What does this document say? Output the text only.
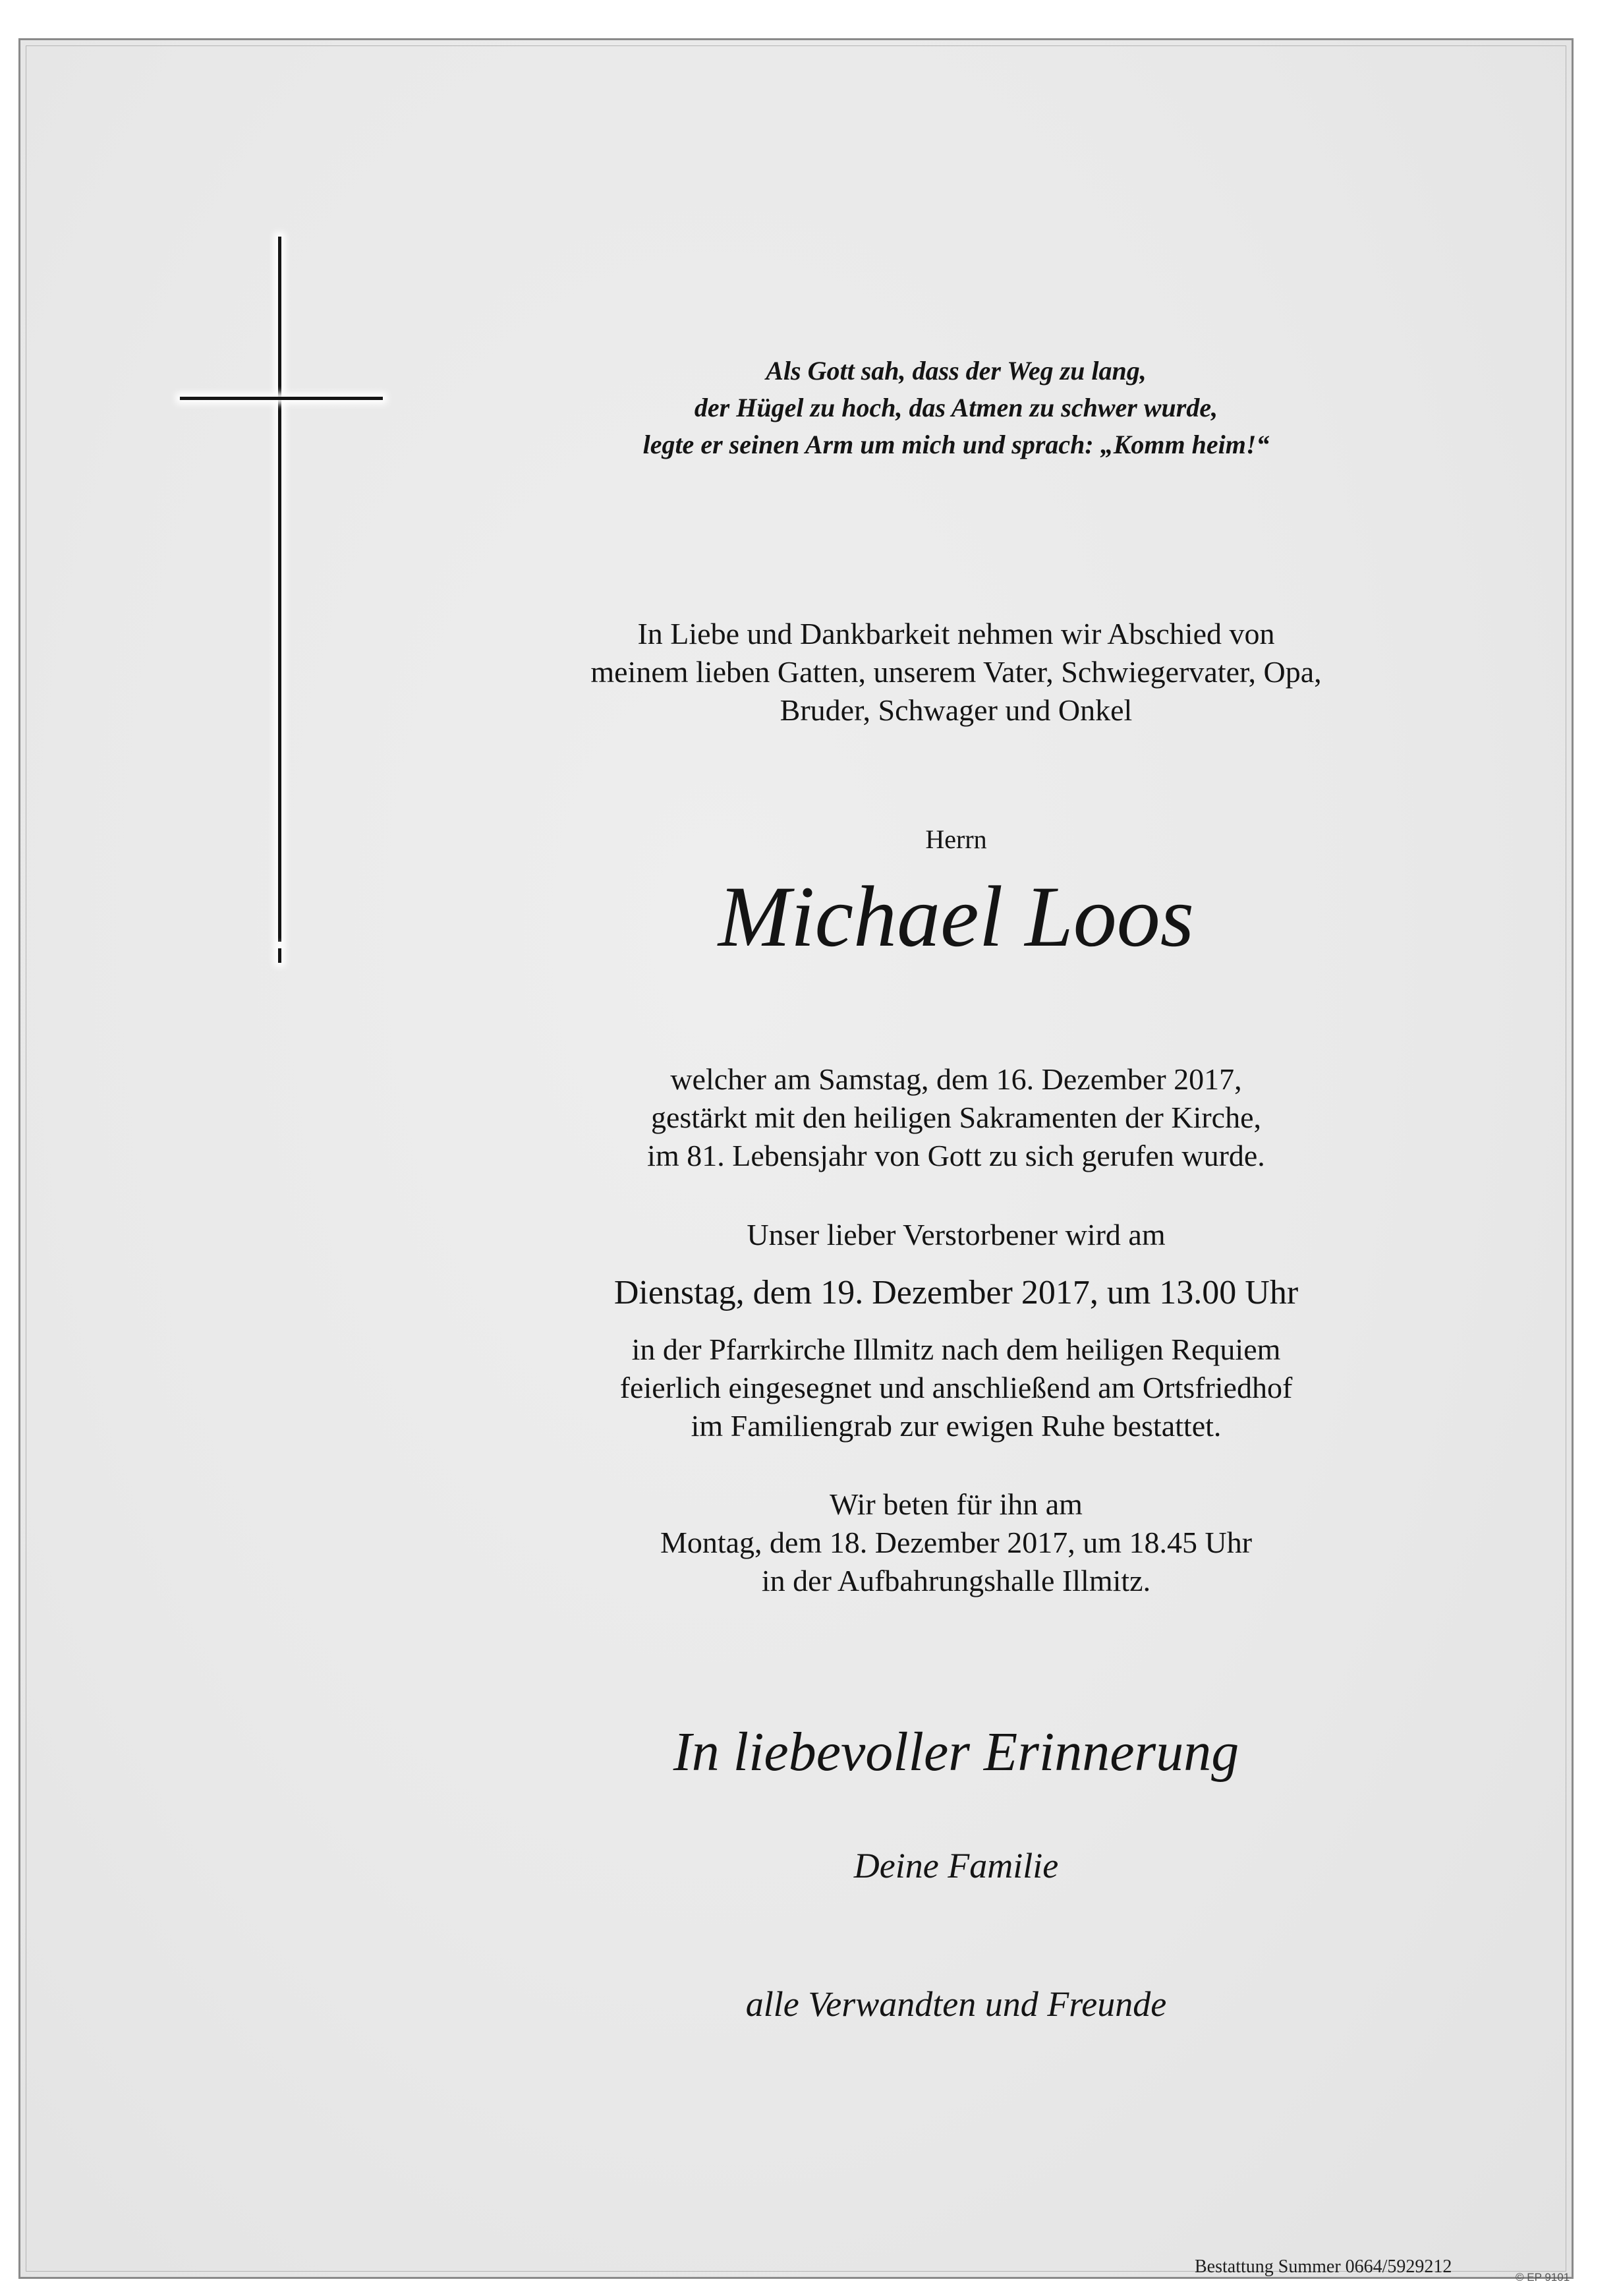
Als Gott sah, dass der Weg zu lang,
der Hügel zu hoch, das Atmen zu schwer wurde,
legte er seinen Arm um mich und sprach: „Komm heim!“
In Liebe und Dankbarkeit nehmen wir Abschied von
meinem lieben Gatten, unserem Vater, Schwiegervater, Opa,
Bruder, Schwager und Onkel
Herrn
Michael Loos
welcher am Samstag, dem 16. Dezember 2017,
gestärkt mit den heiligen Sakramenten der Kirche,
im 81. Lebensjahr von Gott zu sich gerufen wurde.
Unser lieber Verstorbener wird am
Dienstag, dem 19. Dezember 2017, um 13.00 Uhr
in der Pfarrkirche Illmitz nach dem heiligen Requiem
feierlich eingesegnet und anschließend am Ortsfriedhof
im Familiengrab zur ewigen Ruhe bestattet.
Wir beten für ihn am
Montag, dem 18. Dezember 2017, um 18.45 Uhr
in der Aufbahrungshalle Illmitz.
In liebevoller Erinnerung
Deine Familie
alle Verwandten und Freunde
Bestattung Summer 0664/5929212
© EP 9101
